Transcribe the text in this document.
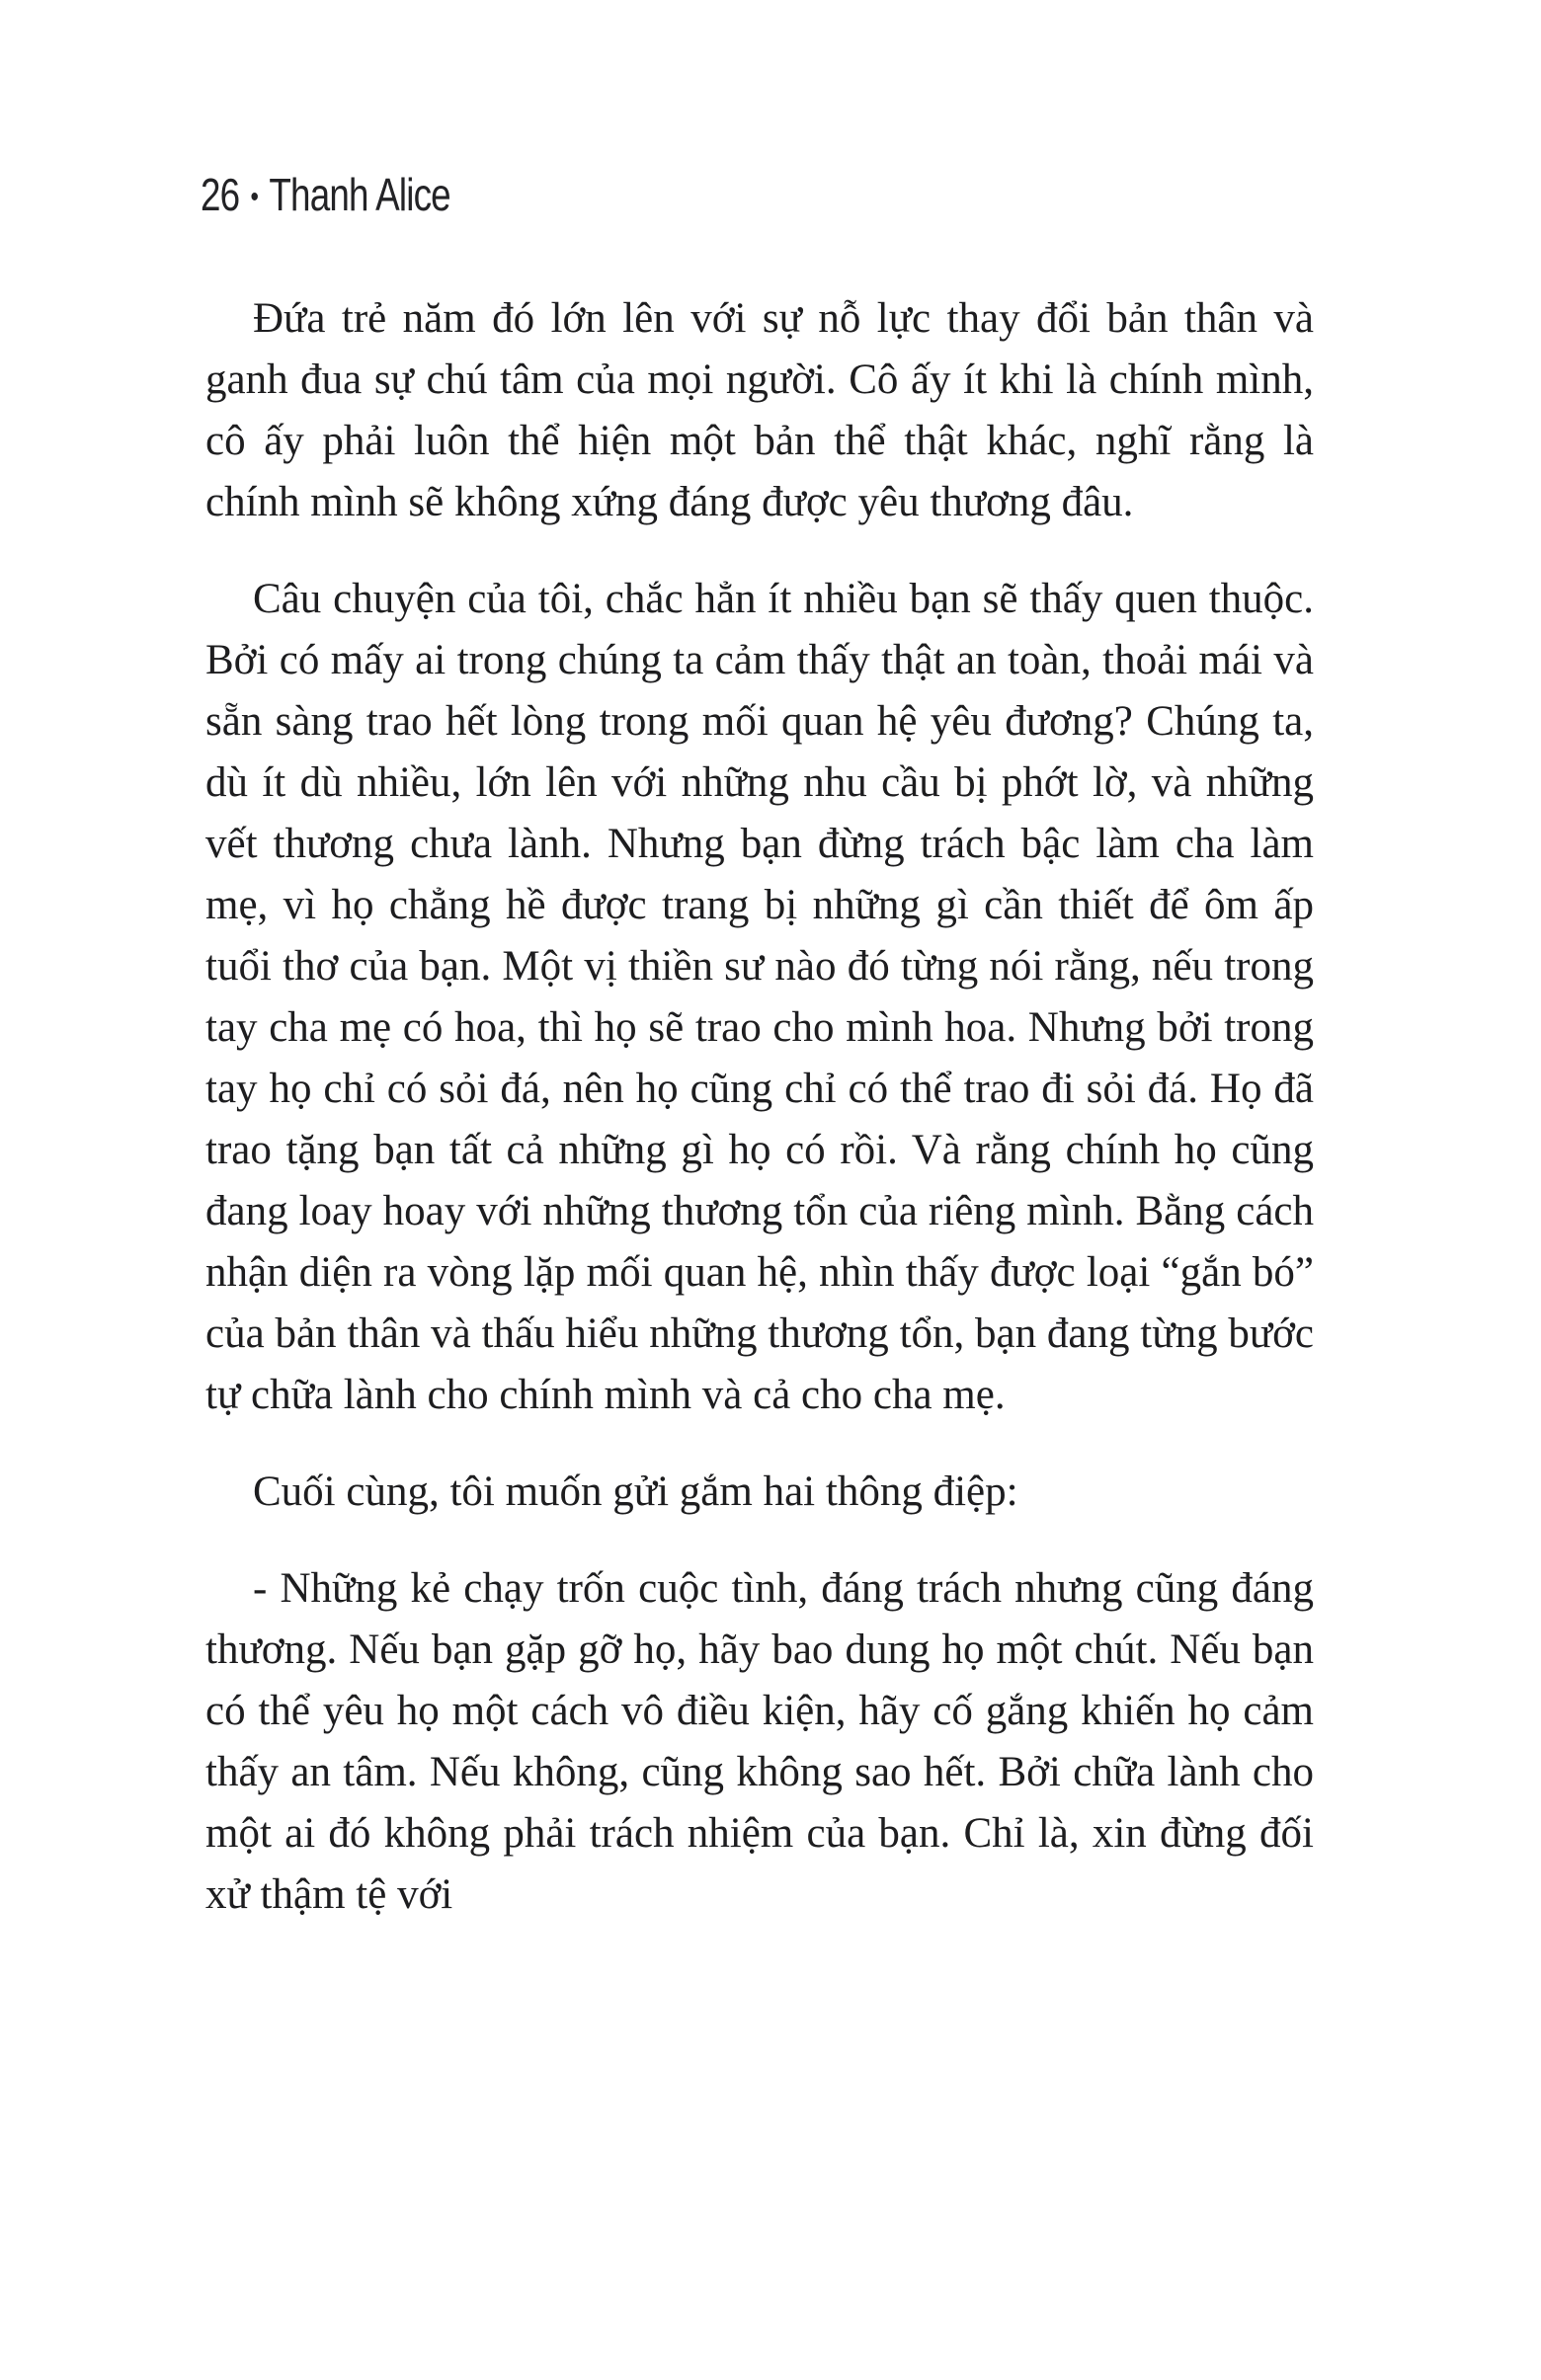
26 • Thanh Alice

Đứa trẻ năm đó lớn lên với sự nỗ lực thay đổi bản thân và ganh đua sự chú tâm của mọi người. Cô ấy ít khi là chính mình, cô ấy phải luôn thể hiện một bản thể thật khác, nghĩ rằng là chính mình sẽ không xứng đáng được yêu thương đâu.

Câu chuyện của tôi, chắc hẳn ít nhiều bạn sẽ thấy quen thuộc. Bởi có mấy ai trong chúng ta cảm thấy thật an toàn, thoải mái và sẵn sàng trao hết lòng trong mối quan hệ yêu đương? Chúng ta, dù ít dù nhiều, lớn lên với những nhu cầu bị phớt lờ, và những vết thương chưa lành. Nhưng bạn đừng trách bậc làm cha làm mẹ, vì họ chẳng hề được trang bị những gì cần thiết để ôm ấp tuổi thơ của bạn. Một vị thiền sư nào đó từng nói rằng, nếu trong tay cha mẹ có hoa, thì họ sẽ trao cho mình hoa. Nhưng bởi trong tay họ chỉ có sỏi đá, nên họ cũng chỉ có thể trao đi sỏi đá. Họ đã trao tặng bạn tất cả những gì họ có rồi. Và rằng chính họ cũng đang loay hoay với những thương tổn của riêng mình. Bằng cách nhận diện ra vòng lặp mối quan hệ, nhìn thấy được loại “gắn bó” của bản thân và thấu hiểu những thương tổn, bạn đang từng bước tự chữa lành cho chính mình và cả cho cha mẹ.

Cuối cùng, tôi muốn gửi gắm hai thông điệp:

- Những kẻ chạy trốn cuộc tình, đáng trách nhưng cũng đáng thương. Nếu bạn gặp gỡ họ, hãy bao dung họ một chút. Nếu bạn có thể yêu họ một cách vô điều kiện, hãy cố gắng khiến họ cảm thấy an tâm. Nếu không, cũng không sao hết. Bởi chữa lành cho một ai đó không phải trách nhiệm của bạn. Chỉ là, xin đừng đối xử thậm tệ với
